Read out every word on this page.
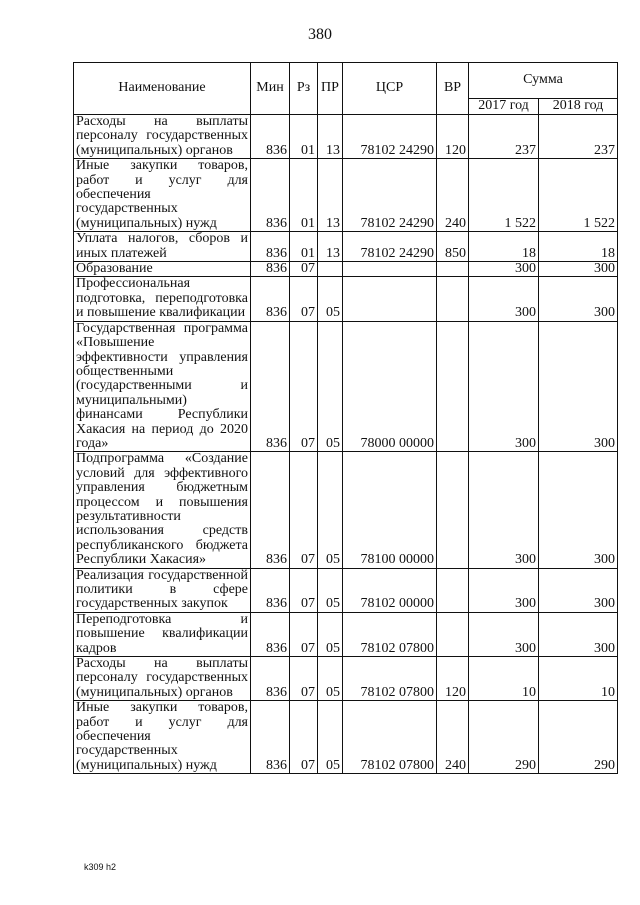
380
Наименование	Мин	Рз	ПР	ЦСР	ВР	Сумма	
						2017 год	2018 год
Расходы на выплаты персоналу государственных (муниципальных) органов	836	01	13	78102 24290	120	237	237
Иные закупки товаров, работ и услуг для обеспечения государственных (муниципальных) нужд	836	01	13	78102 24290	240	1 522	1 522
Уплата налогов, сборов и иных платежей	836	01	13	78102 24290	850	18	18
Образование	836	07				300	300
Профессиональная подготовка, переподготовка и повышение квалификации	836	07	05			300	300
Государственная программа «Повышение эффективности управления общественными (государственными и муниципальными) финансами Республики Хакасия на период до 2020 года»	836	07	05	78000 00000		300	300
Подпрограмма «Создание условий для эффективного управления бюджетным процессом и повышения результативности использования средств республиканского бюджета Республики Хакасия»	836	07	05	78100 00000		300	300
Реализация государственной политики в сфере государственных закупок	836	07	05	78102 00000		300	300
Переподготовка и повышение квалификации кадров	836	07	05	78102 07800		300	300
Расходы на выплаты персоналу государственных (муниципальных) органов	836	07	05	78102 07800	120	10	10
Иные закупки товаров, работ и услуг для обеспечения государственных (муниципальных) нужд	836	07	05	78102 07800	240	290	290
k309 h2
